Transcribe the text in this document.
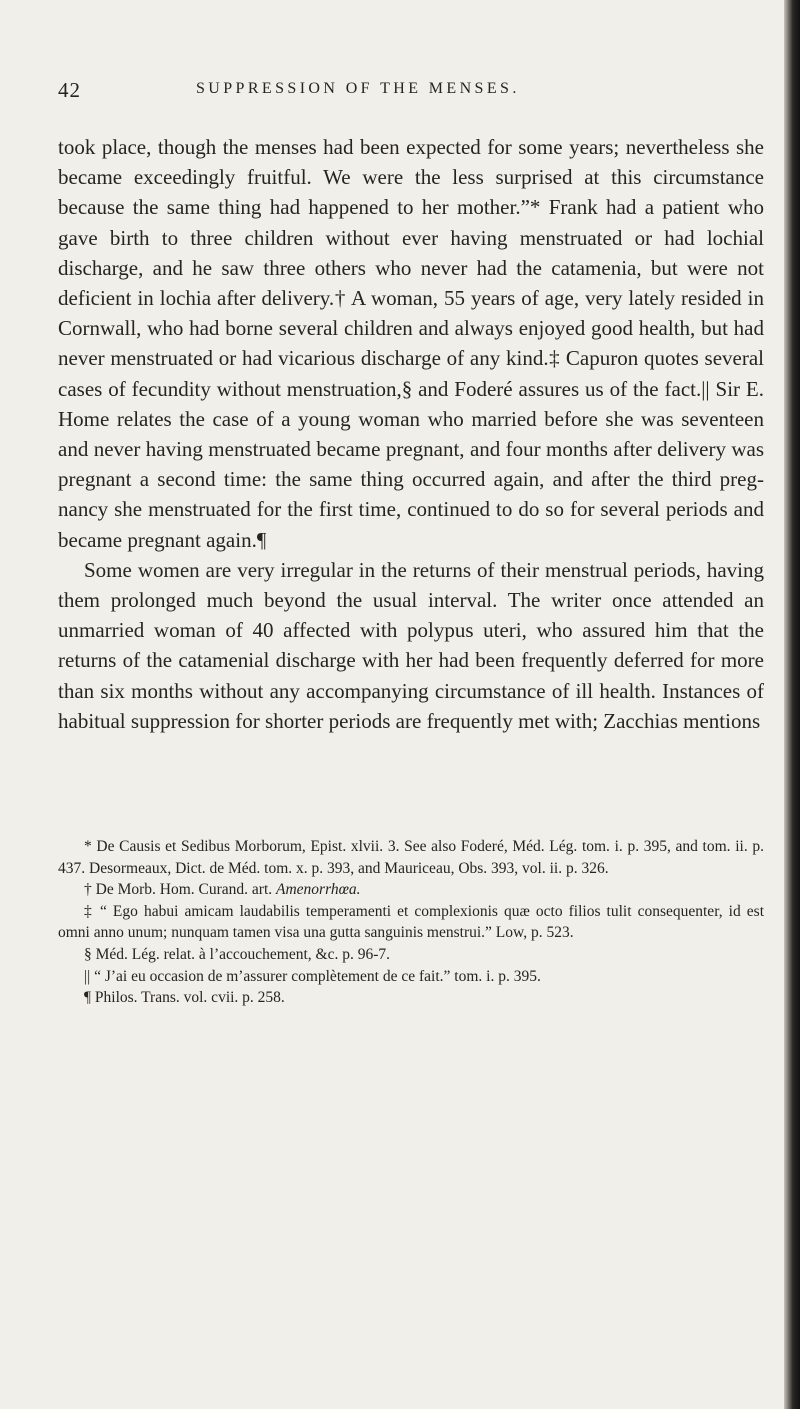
42	SUPPRESSION OF THE MENSES.

took place, though the menses had been expected for some years; nevertheless she became exceedingly fruitful. We were the less surprised at this circumstance because the same thing had happened to her mother.”* Frank had a patient who gave birth to three children without ever having menstruated or had lochial discharge, and he saw three others who never had the catamenia, but were not deficient in lochia after delivery.† A woman, 55 years of age, very lately resided in Cornwall, who had borne several children and always enjoyed good health, but had never menstruated or had vicarious discharge of any kind.‡ Capuron quotes several cases of fecundity without menstruation,§ and Foderé assures us of the fact.|| Sir E. Home relates the case of a young woman who married before she was seventeen and never having menstruated became pregnant, and four months after delivery was pregnant a second time: the same thing occurred again, and after the third pregnancy she menstruated for the first time, continued to do so for several periods and became pregnant again.¶

Some women are very irregular in the returns of their menstrual periods, having them prolonged much beyond the usual interval. The writer once attended an unmarried woman of 40 affected with polypus uteri, who assured him that the returns of the catamenial discharge with her had been frequently deferred for more than six months without any accompanying circumstance of ill health. Instances of habitual suppression for shorter periods are frequently met with; Zacchias mentions

* De Causis et Sedibus Morborum, Epist. xlvii. 3. See also Foderé, Méd. Lég. tom. i. p. 395, and tom. ii. p. 437. Desormeaux, Dict. de Méd. tom. x. p. 393, and Mauriceau, Obs. 393, vol. ii. p. 326.

† De Morb. Hom. Curand. art. Amenorrhœa.

‡ “ Ego habui amicam laudabilis temperamenti et complexionis quæ octo filios tulit consequenter, id est omni anno unum; nunquam tamen visa una gutta sanguinis menstrui.” Low, p. 523.

§ Méd. Lég. relat. à l’accouchement, &c. p. 96-7.

|| “ J’ai eu occasion de m’assurer complètement de ce fait.” tom. i. p. 395.

¶ Philos. Trans. vol. cvii. p. 258.
